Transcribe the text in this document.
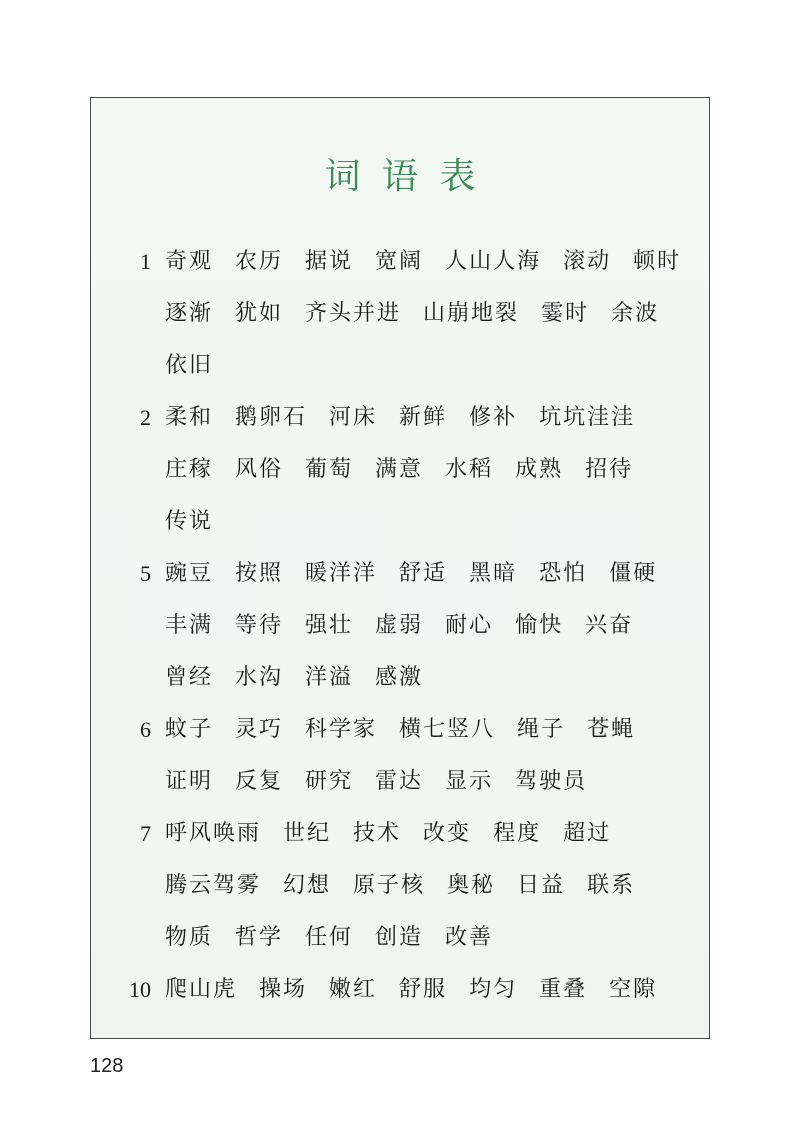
词 语 表
1 奇观 农历 据说 宽阔 人山人海 滚动 顿时
逐渐 犹如 齐头并进 山崩地裂 霎时 余波
依旧
2 柔和 鹅卵石 河床 新鲜 修补 坑坑洼洼
庄稼 风俗 葡萄 满意 水稻 成熟 招待
传说
5 豌豆 按照 暖洋洋 舒适 黑暗 恐怕 僵硬
丰满 等待 强壮 虚弱 耐心 愉快 兴奋
曾经 水沟 洋溢 感激
6 蚊子 灵巧 科学家 横七竖八 绳子 苍蝇
证明 反复 研究 雷达 显示 驾驶员
7 呼风唤雨 世纪 技术 改变 程度 超过
腾云驾雾 幻想 原子核 奥秘 日益 联系
物质 哲学 任何 创造 改善
10 爬山虎 操场 嫩红 舒服 均匀 重叠 空隙
128
